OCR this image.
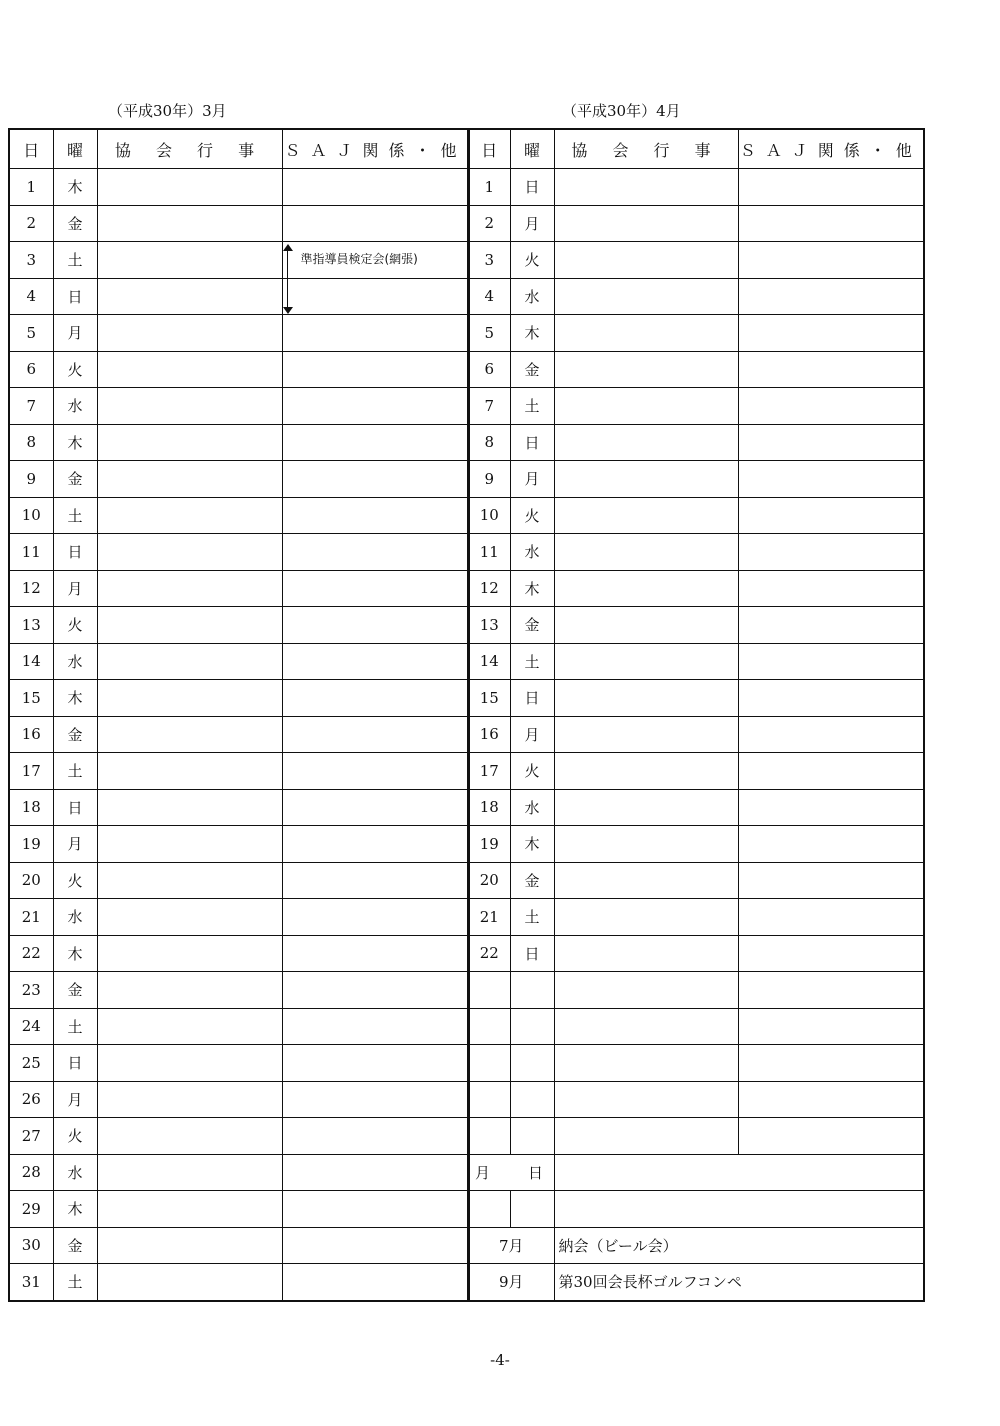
（平成30年）3月	（平成30年）4月
日	曜	協 会 行 事	ＳＡＪ関係・他
1	木		
2	金		
3	土		準指導員検定会(網張)

4	日		
5	月		
6	火		
7	水		
8	木		
9	金		
10	土		
11	日		
12	月		
13	火		
14	水		
15	木		
16	金		
17	土		
18	日		
19	月		
20	火		
21	水		
22	木		
23	金		
24	土		
25	日		
26	月		
27	火		
28	水		
29	木		
30	金		
31	土		
日	曜	協 会 行 事	ＳＡＪ関係・他
1	日		
2	月		
3	火		
4	水		
5	木		
6	金		
7	土		
8	日		
9	月		
10	火		
11	水		
12	木		
13	金		
14	土		
15	日		
16	月		
17	火		
18	水		
19	木		
20	金		
21	土		
22	日		

月 日			

7月		納会（ビール会）	
9月		第30回会長杯ゴルフコンペ	
-4-
